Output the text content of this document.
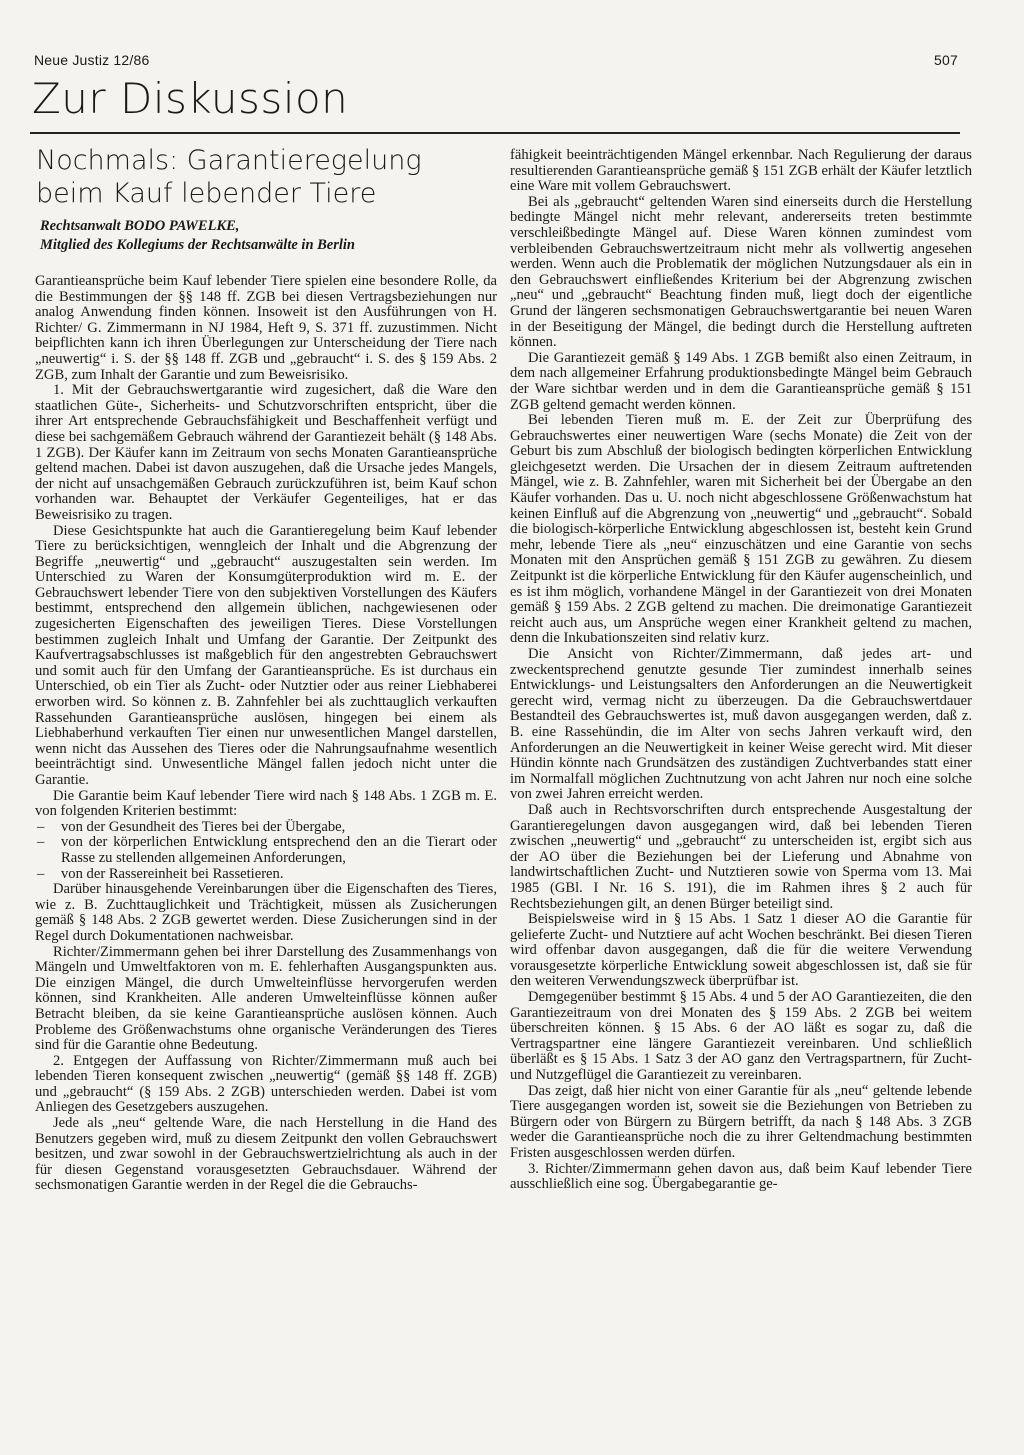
Neue Justiz 12/86	507
Zur Diskussion
Nochmals: Garantieregelung
beim Kauf lebender Tiere
Rechtsanwalt BODO PAWELKE,
Mitglied des Kollegiums der Rechtsanwälte in Berlin

Garantieansprüche beim Kauf lebender Tiere spielen eine besondere Rolle, da die Bestimmungen der §§ 148 ff. ZGB bei diesen Vertragsbeziehungen nur analog Anwendung finden können. Insoweit ist den Ausführungen von H. Richter/ G. Zimmermann in NJ 1984, Heft 9, S. 371 ff. zuzustimmen. Nicht beipflichten kann ich ihren Überlegungen zur Unterscheidung der Tiere nach „neuwertig“ i. S. der §§ 148 ff. ZGB und „gebraucht“ i. S. des § 159 Abs. 2 ZGB, zum Inhalt der Garantie und zum Beweisrisiko.

1. Mit der Gebrauchswertgarantie wird zugesichert, daß die Ware den staatlichen Güte-, Sicherheits- und Schutzvorschriften entspricht, über die ihrer Art entsprechende Gebrauchsfähigkeit und Beschaffenheit verfügt und diese bei sachgemäßem Gebrauch während der Garantiezeit behält (§ 148 Abs. 1 ZGB). Der Käufer kann im Zeitraum von sechs Monaten Garantieansprüche geltend machen. Dabei ist davon auszugehen, daß die Ursache jedes Mangels, der nicht auf unsachgemäßen Gebrauch zurückzuführen ist, beim Kauf schon vorhanden war. Behauptet der Verkäufer Gegenteiliges, hat er das Beweisrisiko zu tragen.

Diese Gesichtspunkte hat auch die Garantieregelung beim Kauf lebender Tiere zu berücksichtigen, wenngleich der Inhalt und die Abgrenzung der Begriffe „neuwertig“ und „gebraucht“ auszugestalten sein werden. Im Unterschied zu Waren der Konsumgüterproduktion wird m. E. der Gebrauchswert lebender Tiere von den subjektiven Vorstellungen des Käufers bestimmt, entsprechend den allgemein üblichen, nachgewiesenen oder zugesicherten Eigenschaften des jeweiligen Tieres. Diese Vorstellungen bestimmen zugleich Inhalt und Umfang der Garantie. Der Zeitpunkt des Kaufvertragsabschlusses ist maßgeblich für den angestrebten Gebrauchswert und somit auch für den Umfang der Garantieansprüche. Es ist durchaus ein Unterschied, ob ein Tier als Zucht- oder Nutztier oder aus reiner Liebhaberei erworben wird. So können z. B. Zahnfehler bei als zuchttauglich verkauften Rassehunden Garantieansprüche auslösen, hingegen bei einem als Liebhaberhund verkauften Tier einen nur unwesentlichen Mangel darstellen, wenn nicht das Aussehen des Tieres oder die Nahrungsaufnahme wesentlich beeinträchtigt sind. Unwesentliche Mängel fallen jedoch nicht unter die Garantie.

Die Garantie beim Kauf lebender Tiere wird nach § 148 Abs. 1 ZGB m. E. von folgenden Kriterien bestimmt:

– von der Gesundheit des Tieres bei der Übergabe,
– von der körperlichen Entwicklung entsprechend den an die Tierart oder Rasse zu stellenden allgemeinen Anforderungen,
– von der Rassereinheit bei Rassetieren.

Darüber hinausgehende Vereinbarungen über die Eigenschaften des Tieres, wie z. B. Zuchttauglichkeit und Trächtigkeit, müssen als Zusicherungen gemäß § 148 Abs. 2 ZGB gewertet werden. Diese Zusicherungen sind in der Regel durch Dokumentationen nachweisbar.

Richter/Zimmermann gehen bei ihrer Darstellung des Zusammenhangs von Mängeln und Umweltfaktoren von m. E. fehlerhaften Ausgangspunkten aus. Die einzigen Mängel, die durch Umwelteinflüsse hervorgerufen werden können, sind Krankheiten. Alle anderen Umwelteinflüsse können außer Betracht bleiben, da sie keine Garantieansprüche auslösen können. Auch Probleme des Größenwachstums ohne organische Veränderungen des Tieres sind für die Garantie ohne Bedeutung.

2. Entgegen der Auffassung von Richter/Zimmermann muß auch bei lebenden Tieren konsequent zwischen „neuwertig“ (gemäß §§ 148 ff. ZGB) und „gebraucht“ (§ 159 Abs. 2 ZGB) unterschieden werden. Dabei ist vom Anliegen des Gesetzgebers auszugehen.

Jede als „neu“ geltende Ware, die nach Herstellung in die Hand des Benutzers gegeben wird, muß zu diesem Zeitpunkt den vollen Gebrauchswert besitzen, und zwar sowohl in der Gebrauchswertzielrichtung als auch in der für diesen Gegenstand vorausgesetzten Gebrauchsdauer. Während der sechsmonatigen Garantie werden in der Regel die die Gebrauchs-

fähigkeit beeinträchtigenden Mängel erkennbar. Nach Regulierung der daraus resultierenden Garantieansprüche gemäß § 151 ZGB erhält der Käufer letztlich eine Ware mit vollem Gebrauchswert.

Bei als „gebraucht“ geltenden Waren sind einerseits durch die Herstellung bedingte Mängel nicht mehr relevant, andererseits treten bestimmte verschleißbedingte Mängel auf. Diese Waren können zumindest vom verbleibenden Gebrauchswertzeitraum nicht mehr als vollwertig angesehen werden. Wenn auch die Problematik der möglichen Nutzungsdauer als ein in den Gebrauchswert einfließendes Kriterium bei der Abgrenzung zwischen „neu“ und „gebraucht“ Beachtung finden muß, liegt doch der eigentliche Grund der längeren sechsmonatigen Gebrauchswertgarantie bei neuen Waren in der Beseitigung der Mängel, die bedingt durch die Herstellung auftreten können.

Die Garantiezeit gemäß § 149 Abs. 1 ZGB bemißt also einen Zeitraum, in dem nach allgemeiner Erfahrung produktionsbedingte Mängel beim Gebrauch der Ware sichtbar werden und in dem die Garantieansprüche gemäß § 151 ZGB geltend gemacht werden können.

Bei lebenden Tieren muß m. E. der Zeit zur Überprüfung des Gebrauchswertes einer neuwertigen Ware (sechs Monate) die Zeit von der Geburt bis zum Abschluß der biologisch bedingten körperlichen Entwicklung gleichgesetzt werden. Die Ursachen der in diesem Zeitraum auftretenden Mängel, wie z. B. Zahnfehler, waren mit Sicherheit bei der Übergabe an den Käufer vorhanden. Das u. U. noch nicht abgeschlossene Größenwachstum hat keinen Einfluß auf die Abgrenzung von „neuwertig“ und „gebraucht“. Sobald die biologisch-körperliche Entwicklung abgeschlossen ist, besteht kein Grund mehr, lebende Tiere als „neu“ einzuschätzen und eine Garantie von sechs Monaten mit den Ansprüchen gemäß § 151 ZGB zu gewähren. Zu diesem Zeitpunkt ist die körperliche Entwicklung für den Käufer augenscheinlich, und es ist ihm möglich, vorhandene Mängel in der Garantiezeit von drei Monaten gemäß § 159 Abs. 2 ZGB geltend zu machen. Die dreimonatige Garantiezeit reicht auch aus, um Ansprüche wegen einer Krankheit geltend zu machen, denn die Inkubationszeiten sind relativ kurz.

Die Ansicht von Richter/Zimmermann, daß jedes art- und zweckentsprechend genutzte gesunde Tier zumindest innerhalb seines Entwicklungs- und Leistungsalters den Anforderungen an die Neuwertigkeit gerecht wird, vermag nicht zu überzeugen. Da die Gebrauchswertdauer Bestandteil des Gebrauchswertes ist, muß davon ausgegangen werden, daß z. B. eine Rassehündin, die im Alter von sechs Jahren verkauft wird, den Anforderungen an die Neuwertigkeit in keiner Weise gerecht wird. Mit dieser Hündin könnte nach Grundsätzen des zuständigen Zuchtverbandes statt einer im Normalfall möglichen Zuchtnutzung von acht Jahren nur noch eine solche von zwei Jahren erreicht werden.

Daß auch in Rechtsvorschriften durch entsprechende Ausgestaltung der Garantieregelungen davon ausgegangen wird, daß bei lebenden Tieren zwischen „neuwertig“ und „gebraucht“ zu unterscheiden ist, ergibt sich aus der AO über die Beziehungen bei der Lieferung und Abnahme von landwirtschaftlichen Zucht- und Nutztieren sowie von Sperma vom 13. Mai 1985 (GBl. I Nr. 16 S. 191), die im Rahmen ihres § 2 auch für Rechtsbeziehungen gilt, an denen Bürger beteiligt sind.

Beispielsweise wird in § 15 Abs. 1 Satz 1 dieser AO die Garantie für gelieferte Zucht- und Nutztiere auf acht Wochen beschränkt. Bei diesen Tieren wird offenbar davon ausgegangen, daß die für die weitere Verwendung vorausgesetzte körperliche Entwicklung soweit abgeschlossen ist, daß sie für den weiteren Verwendungszweck überprüfbar ist.

Demgegenüber bestimmt § 15 Abs. 4 und 5 der AO Garantiezeiten, die den Garantiezeitraum von drei Monaten des § 159 Abs. 2 ZGB bei weitem überschreiten können. § 15 Abs. 6 der AO läßt es sogar zu, daß die Vertragspartner eine längere Garantiezeit vereinbaren. Und schließlich überläßt es § 15 Abs. 1 Satz 3 der AO ganz den Vertragspartnern, für Zucht- und Nutzgeflügel die Garantiezeit zu vereinbaren.

Das zeigt, daß hier nicht von einer Garantie für als „neu“ geltende lebende Tiere ausgegangen worden ist, soweit sie die Beziehungen von Betrieben zu Bürgern oder von Bürgern zu Bürgern betrifft, da nach § 148 Abs. 3 ZGB weder die Garantieansprüche noch die zu ihrer Geltendmachung bestimmten Fristen ausgeschlossen werden dürfen.

3. Richter/Zimmermann gehen davon aus, daß beim Kauf lebender Tiere ausschließlich eine sog. Übergabegarantie ge-
